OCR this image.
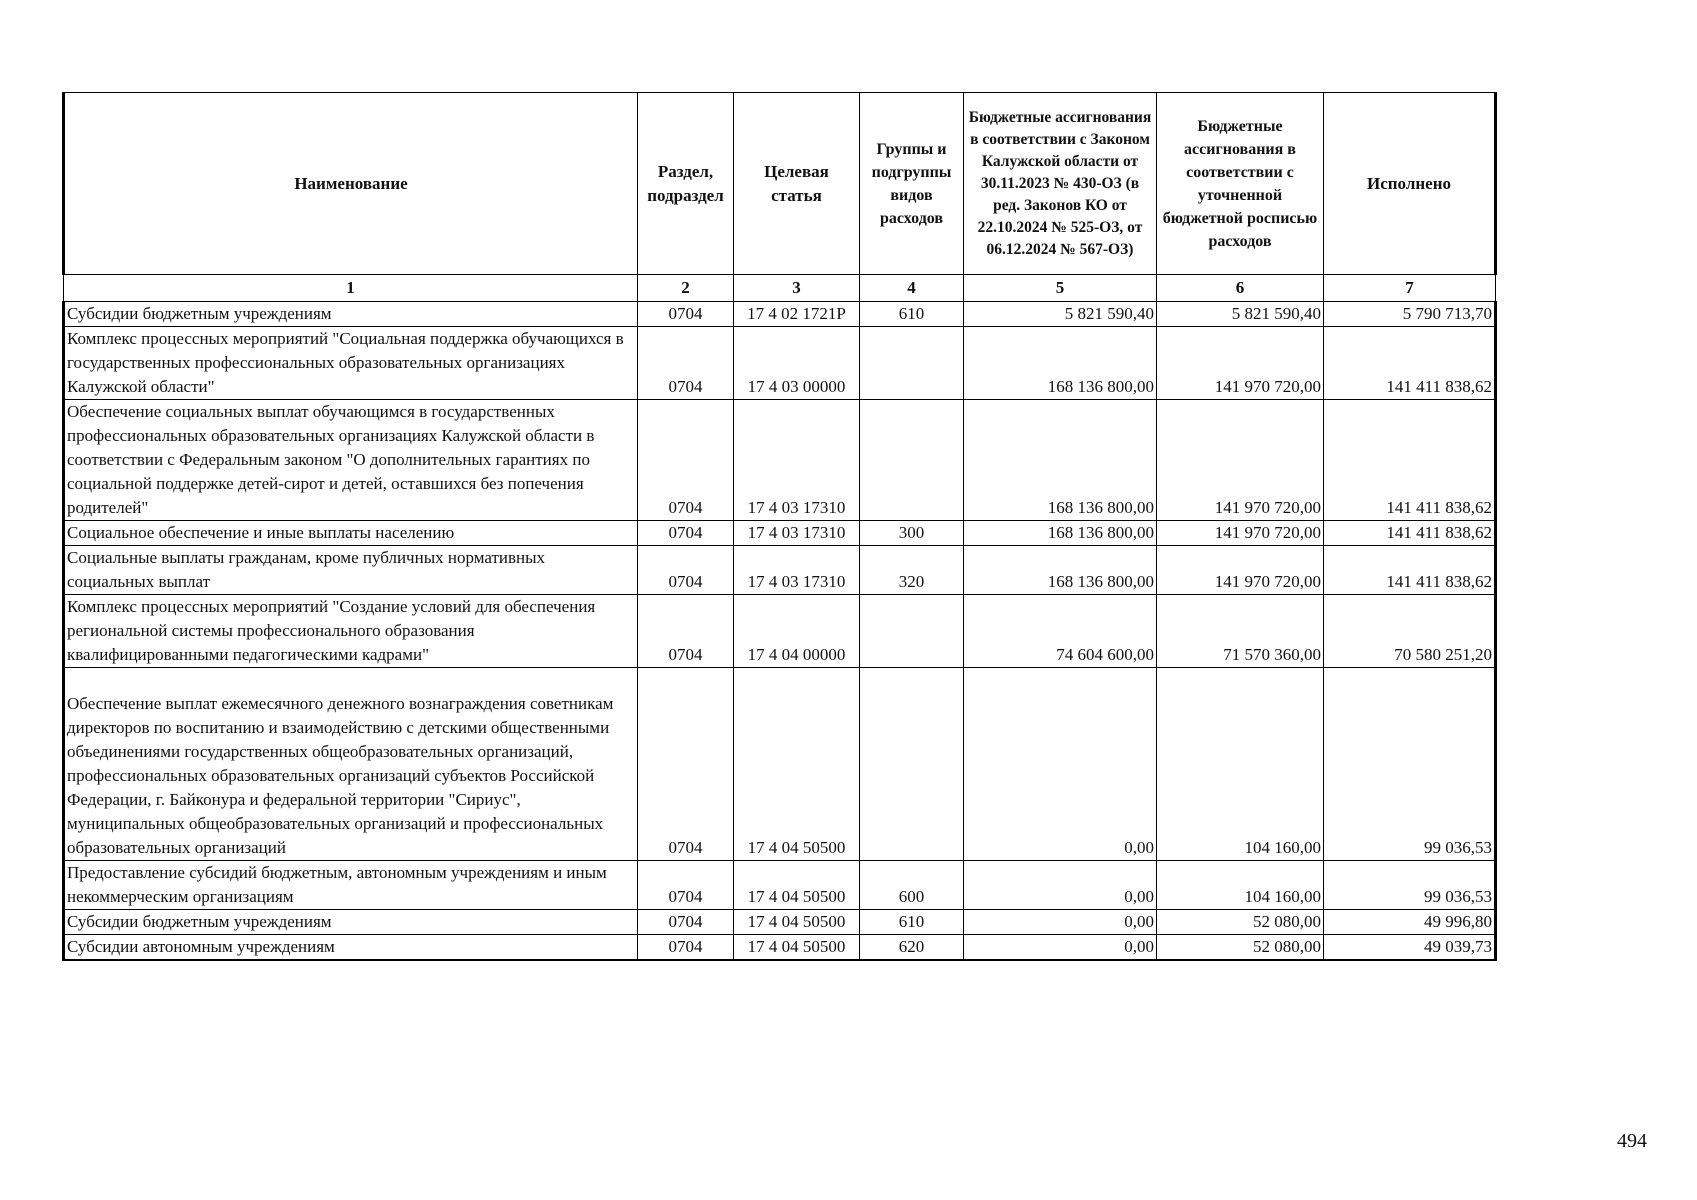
Наименование	Раздел, подраздел	Целевая статья	Группы и подгруппы видов расходов	Бюджетные ассигнования в соответствии с Законом Калужской области от 30.11.2023 № 430-ОЗ (в ред. Законов КО от 22.10.2024 № 525-ОЗ, от 06.12.2024 № 567-ОЗ)	Бюджетные ассигнования в соответствии с уточненной бюджетной росписью расходов	Исполнено
1	2	3	4	5	6	7
Субсидии бюджетным учреждениям	0704	17 4 02 1721P	610	5 821 590,40	5 821 590,40	5 790 713,70
Комплекс процессных мероприятий "Социальная поддержка обучающихся в государственных профессиональных образовательных организациях Калужской области"	0704	17 4 03 00000		168 136 800,00	141 970 720,00	141 411 838,62
Обеспечение социальных выплат обучающимся в государственных профессиональных образовательных организациях Калужской области в соответствии с Федеральным законом "О дополнительных гарантиях по социальной поддержке детей-сирот и детей, оставшихся без попечения родителей"	0704	17 4 03 17310		168 136 800,00	141 970 720,00	141 411 838,62
Социальное обеспечение и иные выплаты населению	0704	17 4 03 17310	300	168 136 800,00	141 970 720,00	141 411 838,62
Социальные выплаты гражданам, кроме публичных нормативных социальных выплат	0704	17 4 03 17310	320	168 136 800,00	141 970 720,00	141 411 838,62
Комплекс процессных мероприятий "Создание условий для обеспечения региональной системы профессионального образования квалифицированными педагогическими кадрами"	0704	17 4 04 00000		74 604 600,00	71 570 360,00	70 580 251,20
Обеспечение выплат ежемесячного денежного вознаграждения советникам директоров по воспитанию и взаимодействию с детскими общественными объединениями государственных общеобразовательных организаций, профессиональных образовательных организаций субъектов Российской Федерации, г. Байконура и федеральной территории "Сириус", муниципальных общеобразовательных организаций и профессиональных образовательных организаций	0704	17 4 04 50500		0,00	104 160,00	99 036,53
Предоставление субсидий бюджетным, автономным учреждениям и иным некоммерческим организациям	0704	17 4 04 50500	600	0,00	104 160,00	99 036,53
Субсидии бюджетным учреждениям	0704	17 4 04 50500	610	0,00	52 080,00	49 996,80
Субсидии автономным учреждениям	0704	17 4 04 50500	620	0,00	52 080,00	49 039,73
494
